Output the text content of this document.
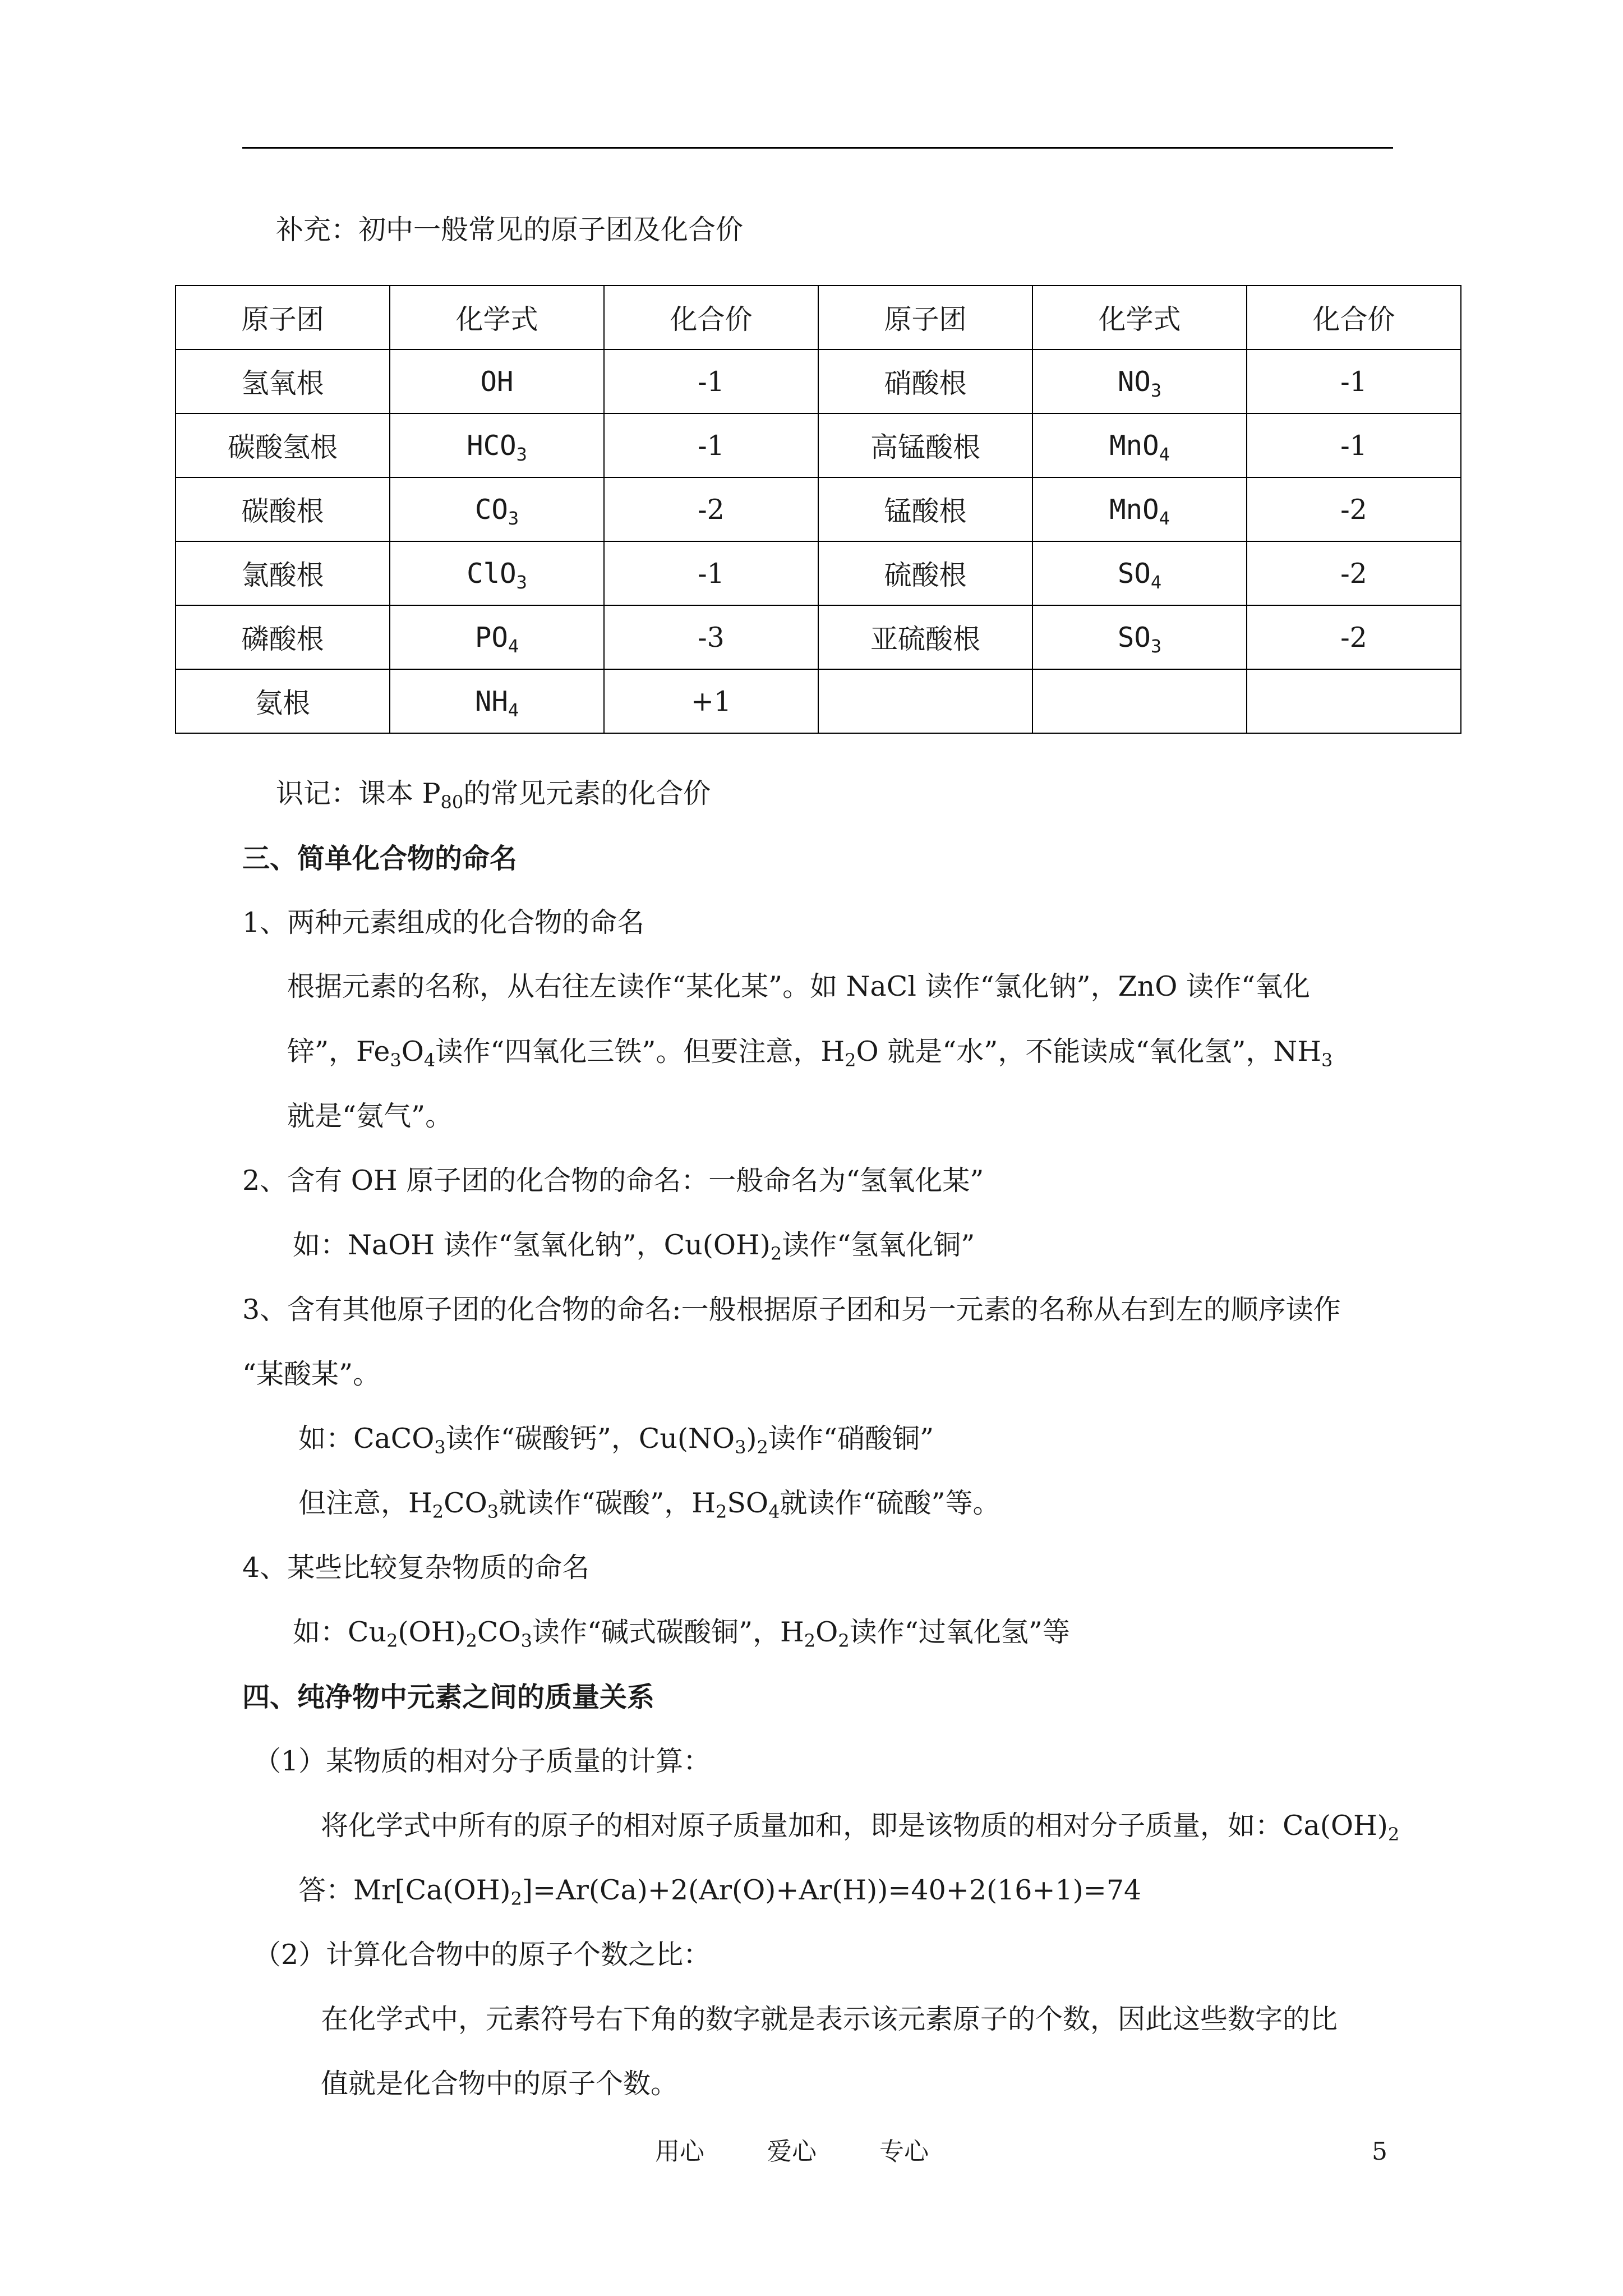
补充：初中一般常见的原子团及化合价
原子团	化学式	化合价	原子团	化学式	化合价
氢氧根	OH	-1	硝酸根	$NO_3$	-1
碳酸氢根	$HCO_3$	-1	高锰酸根	MnO$_4$	-1
碳酸根	$CO_3$	-2	锰酸根	MnO$_4$	-2
氯酸根	ClO$_3$	-1	硫酸根	$SO_4$	-2
磷酸根	$PO_4$	-3	亚硫酸根	$SO_3$	-2
氨根	$NH_4$	+1			
识记：课本 $P_{80}$的常见元素的化合价
三、简单化合物的命名
1、两种元素组成的化合物的命名
根据元素的名称，从右往左读作“某化某”。如 NaCl 读作“氯化钠”，ZnO 读作“氧化
锌”，$Fe_3O_4$读作“四氧化三铁”。但要注意，$H_2O$ 就是“水”，不能读成“氧化氢”，$NH_3$
就是“氨气”。
2、含有 OH 原子团的化合物的命名：一般命名为“氢氧化某”
如：NaOH 读作“氢氧化钠”，$Cu(OH)_2$读作“氢氧化铜”
3、含有其他原子团的化合物的命名:一般根据原子团和另一元素的名称从右到左的顺序读作
“某酸某”。
如：CaCO$_3$读作“碳酸钙”，$Cu(NO_3)_2$读作“硝酸铜”
但注意，$H_2CO_3$就读作“碳酸”，$H_2SO_4$就读作“硫酸”等。
4、某些比较复杂物质的命名
如：$Cu_2(OH)_2CO_3$读作“碱式碳酸铜”，$H_2O_2$读作“过氧化氢”等
四、纯净物中元素之间的质量关系
（1）某物质的相对分子质量的计算：
将化学式中所有的原子的相对原子质量加和，即是该物质的相对分子质量，如：$Ca(OH)_2$
答：$Mr[Ca(OH)_2]=Ar(Ca)+2(Ar(O)+Ar(H))=40+2(16+1)=74$
（2）计算化合物中的原子个数之比：
在化学式中，元素符号右下角的数字就是表示该元素原子的个数，因此这些数字的比
值就是化合物中的原子个数。
用心	爱心	专心	5
